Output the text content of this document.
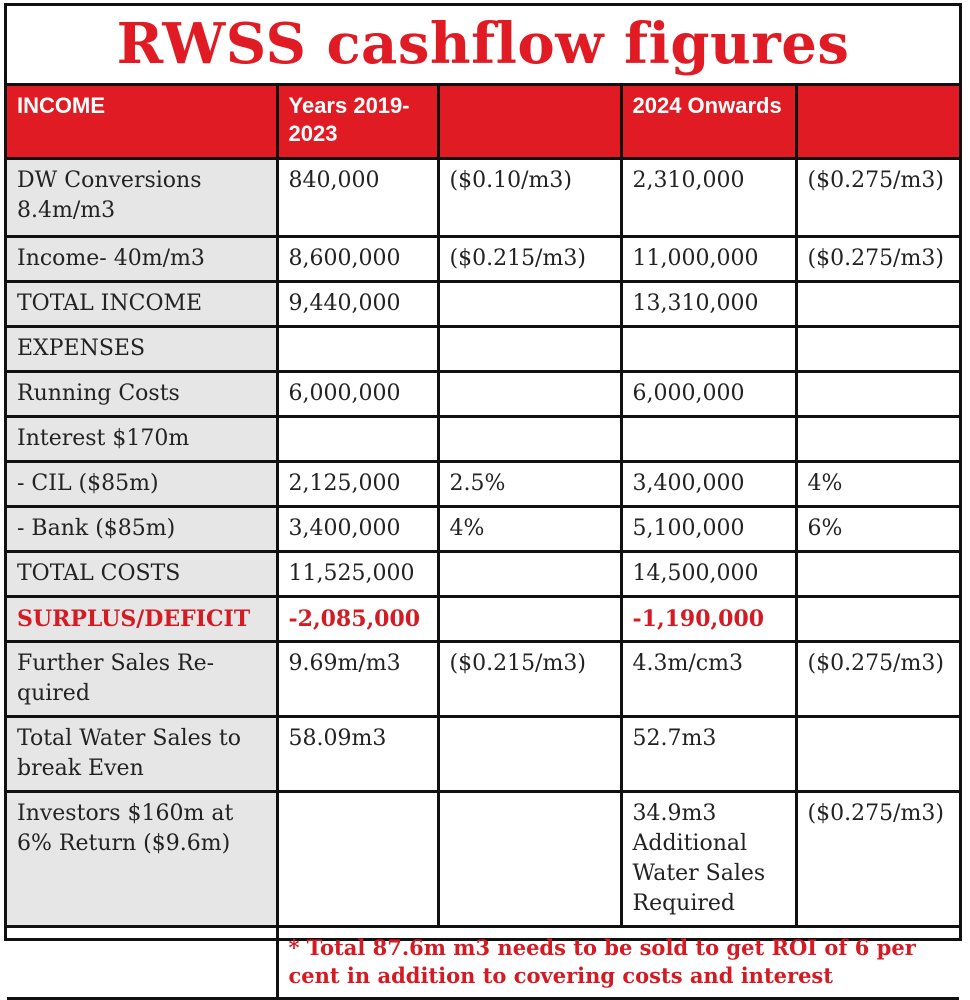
RWSS cashflow figures
INCOME	Years 2019-2023		2024 Onwards	
DW Conversions 8.4m/m3	840,000	($0.10/m3)	2,310,000	($0.275/m3)
Income- 40m/m3	8,600,000	($0.215/m3)	11,000,000	($0.275/m3)
TOTAL INCOME	9,440,000		13,310,000	
EXPENSES				
Running Costs	6,000,000		6,000,000	
Interest $170m				
- CIL ($85m)	2,125,000	2.5%	3,400,000	4%
- Bank ($85m)	3,400,000	4%	5,100,000	6%
TOTAL COSTS	11,525,000		14,500,000	
SURPLUS/DEFICIT	-2,085,000		-1,190,000	
Further Sales Re-quired	9.69m/m3	($0.215/m3)	4.3m/cm3	($0.275/m3)
Total Water Sales to break Even	58.09m3		52.7m3	
Investors $160m at 6% Return ($9.6m)			34.9m3 Additional Water Sales Required	($0.275/m3)
	* Total 87.6m m3 needs to be sold to get ROI of 6 per cent in addition to covering costs and interest			
